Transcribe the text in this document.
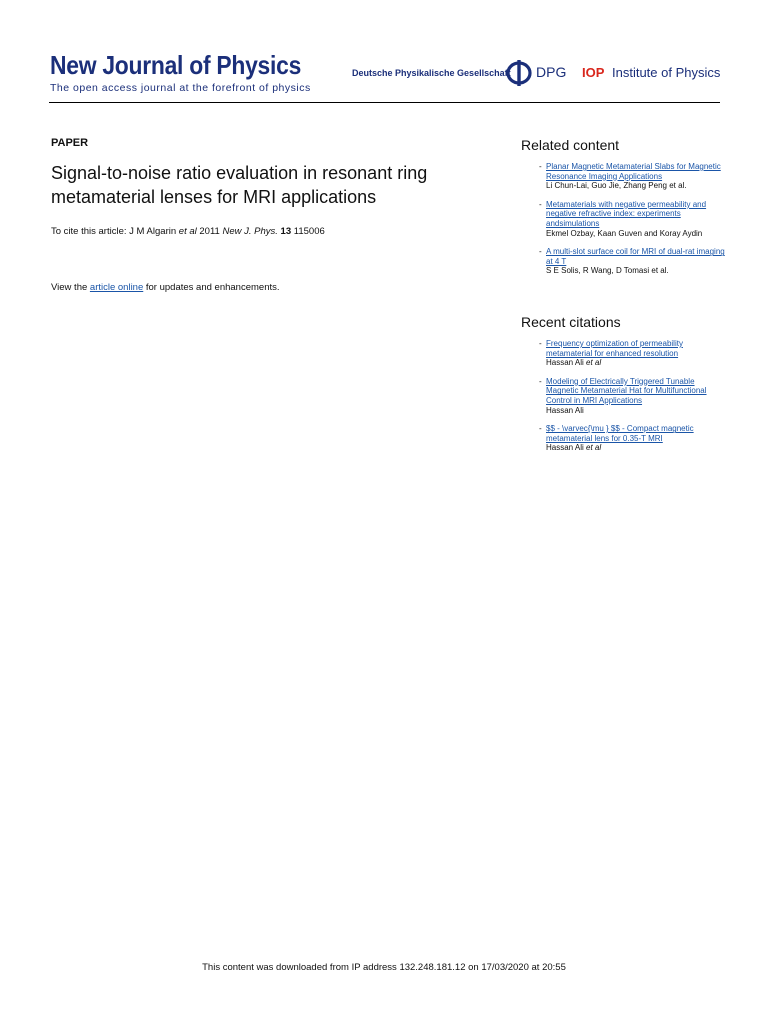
New Journal of Physics
The open access journal at the forefront of physics
Deutsche Physikalische Gesellschaft DPG IOP Institute of Physics
PAPER
Signal-to-noise ratio evaluation in resonant ring metamaterial lenses for MRI applications
To cite this article: J M Algarin et al 2011 New J. Phys. 13 115006
View the article online for updates and enhancements.
Related content
- Planar Magnetic Metamaterial Slabs for Magnetic Resonance Imaging Applications
Li Chun-Lai, Guo Jie, Zhang Peng et al.
- Metamaterials with negative permeability and negative refractive index: experiments andsimulations
Ekmel Ozbay, Kaan Guven and Koray Aydin
- A multi-slot surface coil for MRI of dual-rat imaging at 4 T
S E Solis, R Wang, D Tomasi et al.
Recent citations
- Frequency optimization of permeability metamaterial for enhanced resolution
Hassan Ali et al
- Modeling of Electrically Triggered Tunable Magnetic Metamaterial Hat for Multifunctional Control in MRI Applications
Hassan Ali
- $$ - \varvec{\mu } $$ - Compact magnetic metamaterial lens for 0.35-T MRI
Hassan Ali et al
This content was downloaded from IP address 132.248.181.12 on 17/03/2020 at 20:55
